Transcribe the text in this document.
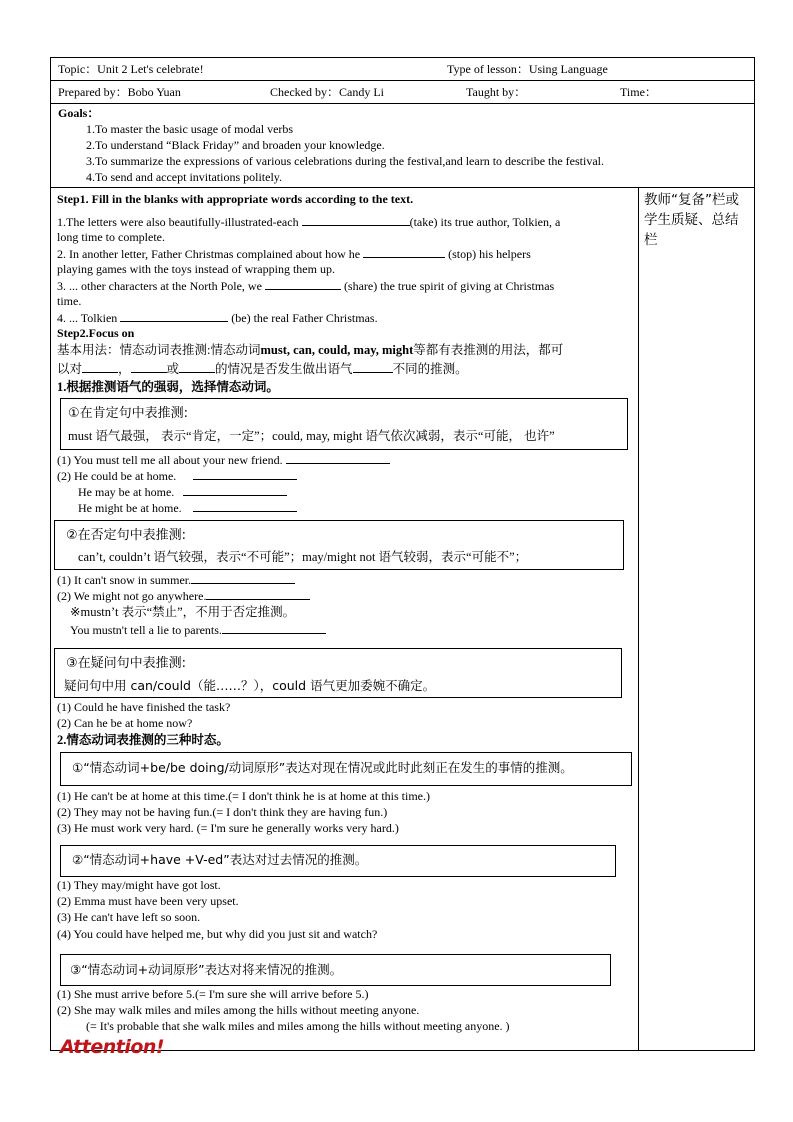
Topic：Unit 2 Let's celebrate!	Type of lesson：Using Language
Prepared by：Bobo Yuan	Checked by：Candy Li	Taught by：	Time：
Goals：
1.To master the basic usage of modal verbs
2.To understand “Black Friday” and broaden your knowledge.
3.To summarize the expressions of various celebrations during the festival,and learn to describe the festival.
4.To send and accept invitations politely.
教师“复备”栏或
学生质疑、总结
栏
Step1. Fill in the blanks with appropriate words according to the text.
1.The letters were also beautifully-illustrated-each	(take) its true author, Tolkien, a
long time to complete.
2. In another letter, Father Christmas complained about how he	(stop) his helpers
playing games with the toys instead of wrapping them up.
3. ... other characters at the North Pole, we	(share) the true spirit of giving at Christmas
time.
4. ... Tolkien	(be) the real Father Christmas.
Step2.Focus on
基本用法：情态动词表推测:情态动词must, can, could, may, might等都有表推测的用法，都可
以对	，	或	的情况是否发生做出语气	不同的推测。
1.根据推测语气的强弱，选择情态动词。
①在肯定句中表推测:
must 语气最强， 表示“肯定，一定”；could, may, might 语气依次减弱，表示“可能， 也许”
(1) You must tell me all about your new friend.
(2) He could be at home.
He may be at home.
He might be at home.
②在否定句中表推测:
can’t, couldn’t 语气较强，表示“不可能”；may/might not 语气较弱，表示“可能不”；
(1) It can't snow in summer.
(2) We might not go anywhere.
※mustn’t 表示“禁止”，不用于否定推测。
You mustn't tell a lie to parents.
③在疑问句中表推测:
疑问句中用 can/could（能……？），could 语气更加委婉不确定。
(1) Could he have finished the task?
(2) Can he be at home now?
2.情态动词表推测的三种时态。
①“情态动词+be/be doing/动词原形”表达对现在情况或此时此刻正在发生的事情的推测。
(1) He can't be at home at this time.(= I don't think he is at home at this time.)
(2) They may not be having fun.(= I don't think they are having fun.)
(3) He must work very hard. (= I'm sure he generally works very hard.)
②“情态动词+have +V-ed”表达对过去情况的推测。
(1) They may/might have got lost.
(2) Emma must have been very upset.
(3) He can't have left so soon.
(4) You could have helped me, but why did you just sit and watch?
③“情态动词+动词原形”表达对将来情况的推测。
(1) She must arrive before 5.(= I'm sure she will arrive before 5.)
(2) She may walk miles and miles among the hills without meeting anyone.
(= It's probable that she walk miles and miles among the hills without meeting anyone. )
Attention!
